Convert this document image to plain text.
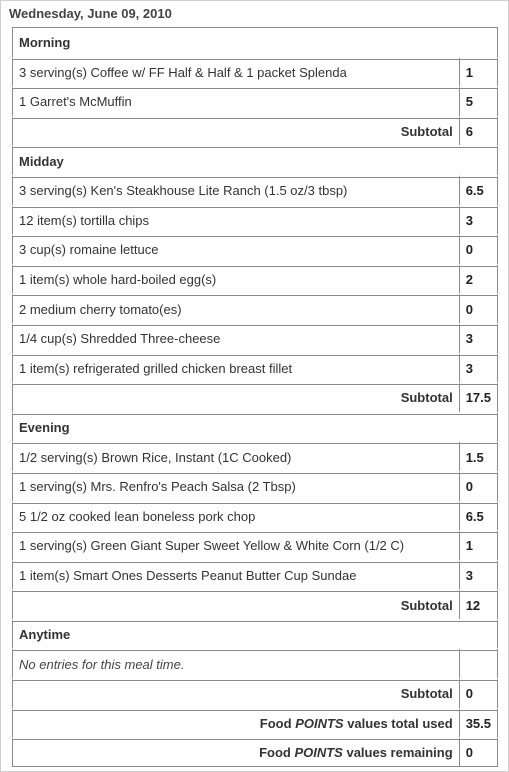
Wednesday, June 09, 2010
Morning	
3 serving(s) Coffee w/ FF Half & Half & 1 packet Splenda	1
1 Garret's McMuffin	5
Subtotal	6
Midday	
3 serving(s) Ken's Steakhouse Lite Ranch (1.5 oz/3 tbsp)	6.5
12 item(s) tortilla chips	3
3 cup(s) romaine lettuce	0
1 item(s) whole hard-boiled egg(s)	2
2 medium cherry tomato(es)	0
1/4 cup(s) Shredded Three-cheese	3
1 item(s) refrigerated grilled chicken breast fillet	3
Subtotal	17.5
Evening	
1/2 serving(s) Brown Rice, Instant (1C Cooked)	1.5
1 serving(s) Mrs. Renfro's Peach Salsa (2 Tbsp)	0
5 1/2 oz cooked lean boneless pork chop	6.5
1 serving(s) Green Giant Super Sweet Yellow & White Corn (1/2 C)	1
1 item(s) Smart Ones Desserts Peanut Butter Cup Sundae	3
Subtotal	12
Anytime	
No entries for this meal time.	
Subtotal	0
Food POINTS values total used	35.5
Food POINTS values remaining	0
